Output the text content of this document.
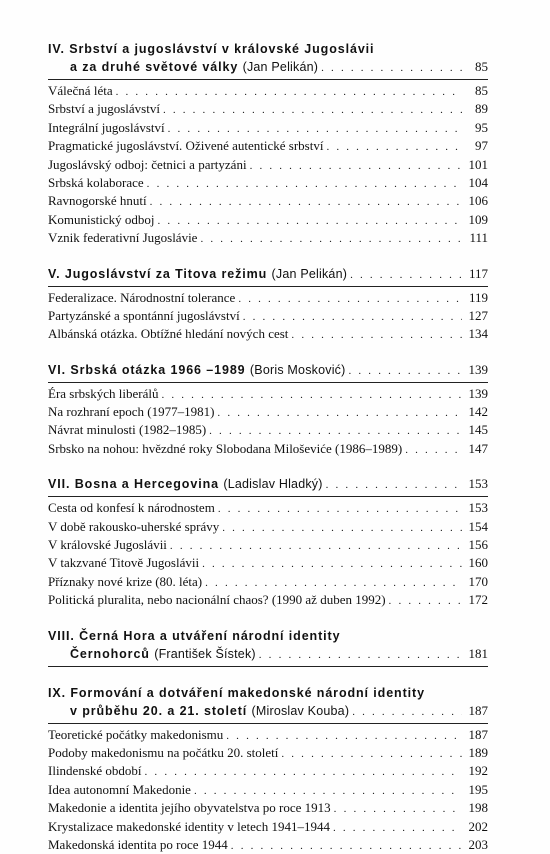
IV. Srbství a jugoslávství v královské Jugoslávii
a za druhé světové války
(Jan Pelikán) . . .	85
Válečná léta . . .	85
Srbství a jugoslávství . . .	89
Integrální jugoslávství . . .	95
Pragmatické jugoslávství. Oživené autentické srbství . . .	97
Jugoslávský odboj: četnici a partyzáni . . .	101
Srbská kolaborace . . .	104
Ravnogorské hnutí . . .	106
Komunistický odboj . . .	109
Vznik federativní Jugoslávie . . .	111
V. Jugoslávství za Titova režimu
(Jan Pelikán) . . .	117
Federalizace. Národnostní tolerance . . .	119
Partyzánské a spontánní jugoslávství . . .	127
Albánská otázka. Obtížné hledání nových cest . . .	134
VI. Srbská otázka 1966 –1989
(Boris Mosković) . . .	139
Éra srbských liberálů . . .	139
Na rozhraní epoch (1977–1981) . . .	142
Návrat minulosti (1982–1985) . . .	145
Srbsko na nohou: hvězdné roky Slobodana Miloševiće (1986–1989) . . .	147
VII. Bosna a Hercegovina
(Ladislav Hladký) . . .	153
Cesta od konfesí k národnostem . . .	153
V době rakousko-uherské správy . . .	154
V královské Jugoslávii . . .	156
V takzvané Titově Jugoslávii . . .	160
Příznaky nové krize (80. léta) . . .	170
Politická pluralita, nebo nacionální chaos? (1990 až duben 1992) . . .	172
VIII. Černá Hora a utváření národní identity
Černohorců
(František Šístek) . . .	181
IX. Formování a dotváření makedonské národní identity
v průběhu 20. a 21. století
(Miroslav Kouba) . . .	187
Teoretické počátky makedonismu . . .	187
Podoby makedonismu na počátku 20. století . . .	189
Ilindenské období . . .	192
Idea autonomní Makedonie . . .	195
Makedonie a identita jejího obyvatelstva po roce 1913 . . .	198
Krystalizace makedonské identity v letech 1941–1944 . . .	202
Makedonská identita po roce 1944 . . .	203
